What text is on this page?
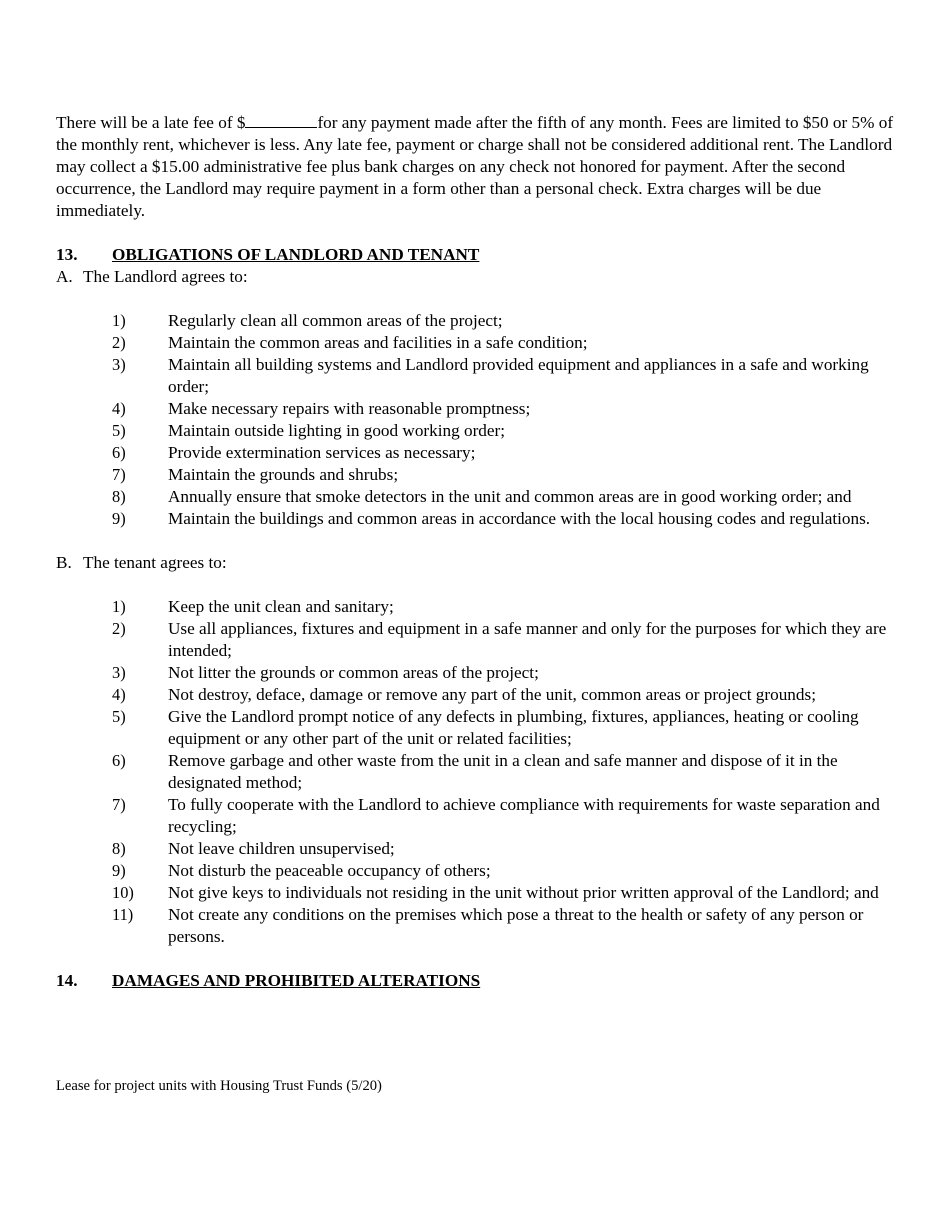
There will be a late fee of $	for any payment made after the fifth of any month. Fees are limited to $50 or 5% of the monthly rent, whichever is less. Any late fee, payment or charge shall not be considered additional rent. The Landlord may collect a $15.00 administrative fee plus bank charges on any check not honored for payment. After the second occurrence, the Landlord may require payment in a form other than a personal check. Extra charges will be due immediately.

13.	OBLIGATIONS OF LANDLORD AND TENANT

A. The Landlord agrees to:

1)	Regularly clean all common areas of the project;
2)	Maintain the common areas and facilities in a safe condition;
3)	Maintain all building systems and Landlord provided equipment and appliances in a safe and working order;
4)	Make necessary repairs with reasonable promptness;
5)	Maintain outside lighting in good working order;
6)	Provide extermination services as necessary;
7)	Maintain the grounds and shrubs;
8)	Annually ensure that smoke detectors in the unit and common areas are in good working order; and
9)	Maintain the buildings and common areas in accordance with the local housing codes and regulations.

B. The tenant agrees to:

1)	Keep the unit clean and sanitary;
2)	Use all appliances, fixtures and equipment in a safe manner and only for the purposes for which they are intended;
3)	Not litter the grounds or common areas of the project;
4)	Not destroy, deface, damage or remove any part of the unit, common areas or project grounds;
5)	Give the Landlord prompt notice of any defects in plumbing, fixtures, appliances, heating or cooling equipment or any other part of the unit or related facilities;
6)	Remove garbage and other waste from the unit in a clean and safe manner and dispose of it in the designated method;
7)	To fully cooperate with the Landlord to achieve compliance with requirements for waste separation and recycling;
8)	Not leave children unsupervised;
9)	Not disturb the peaceable occupancy of others;
10)	Not give keys to individuals not residing in the unit without prior written approval of the Landlord; and
11)	Not create any conditions on the premises which pose a threat to the health or safety of any person or persons.
14.	DAMAGES AND PROHIBITED ALTERATIONS
Lease for project units with Housing Trust Funds (5/20)
